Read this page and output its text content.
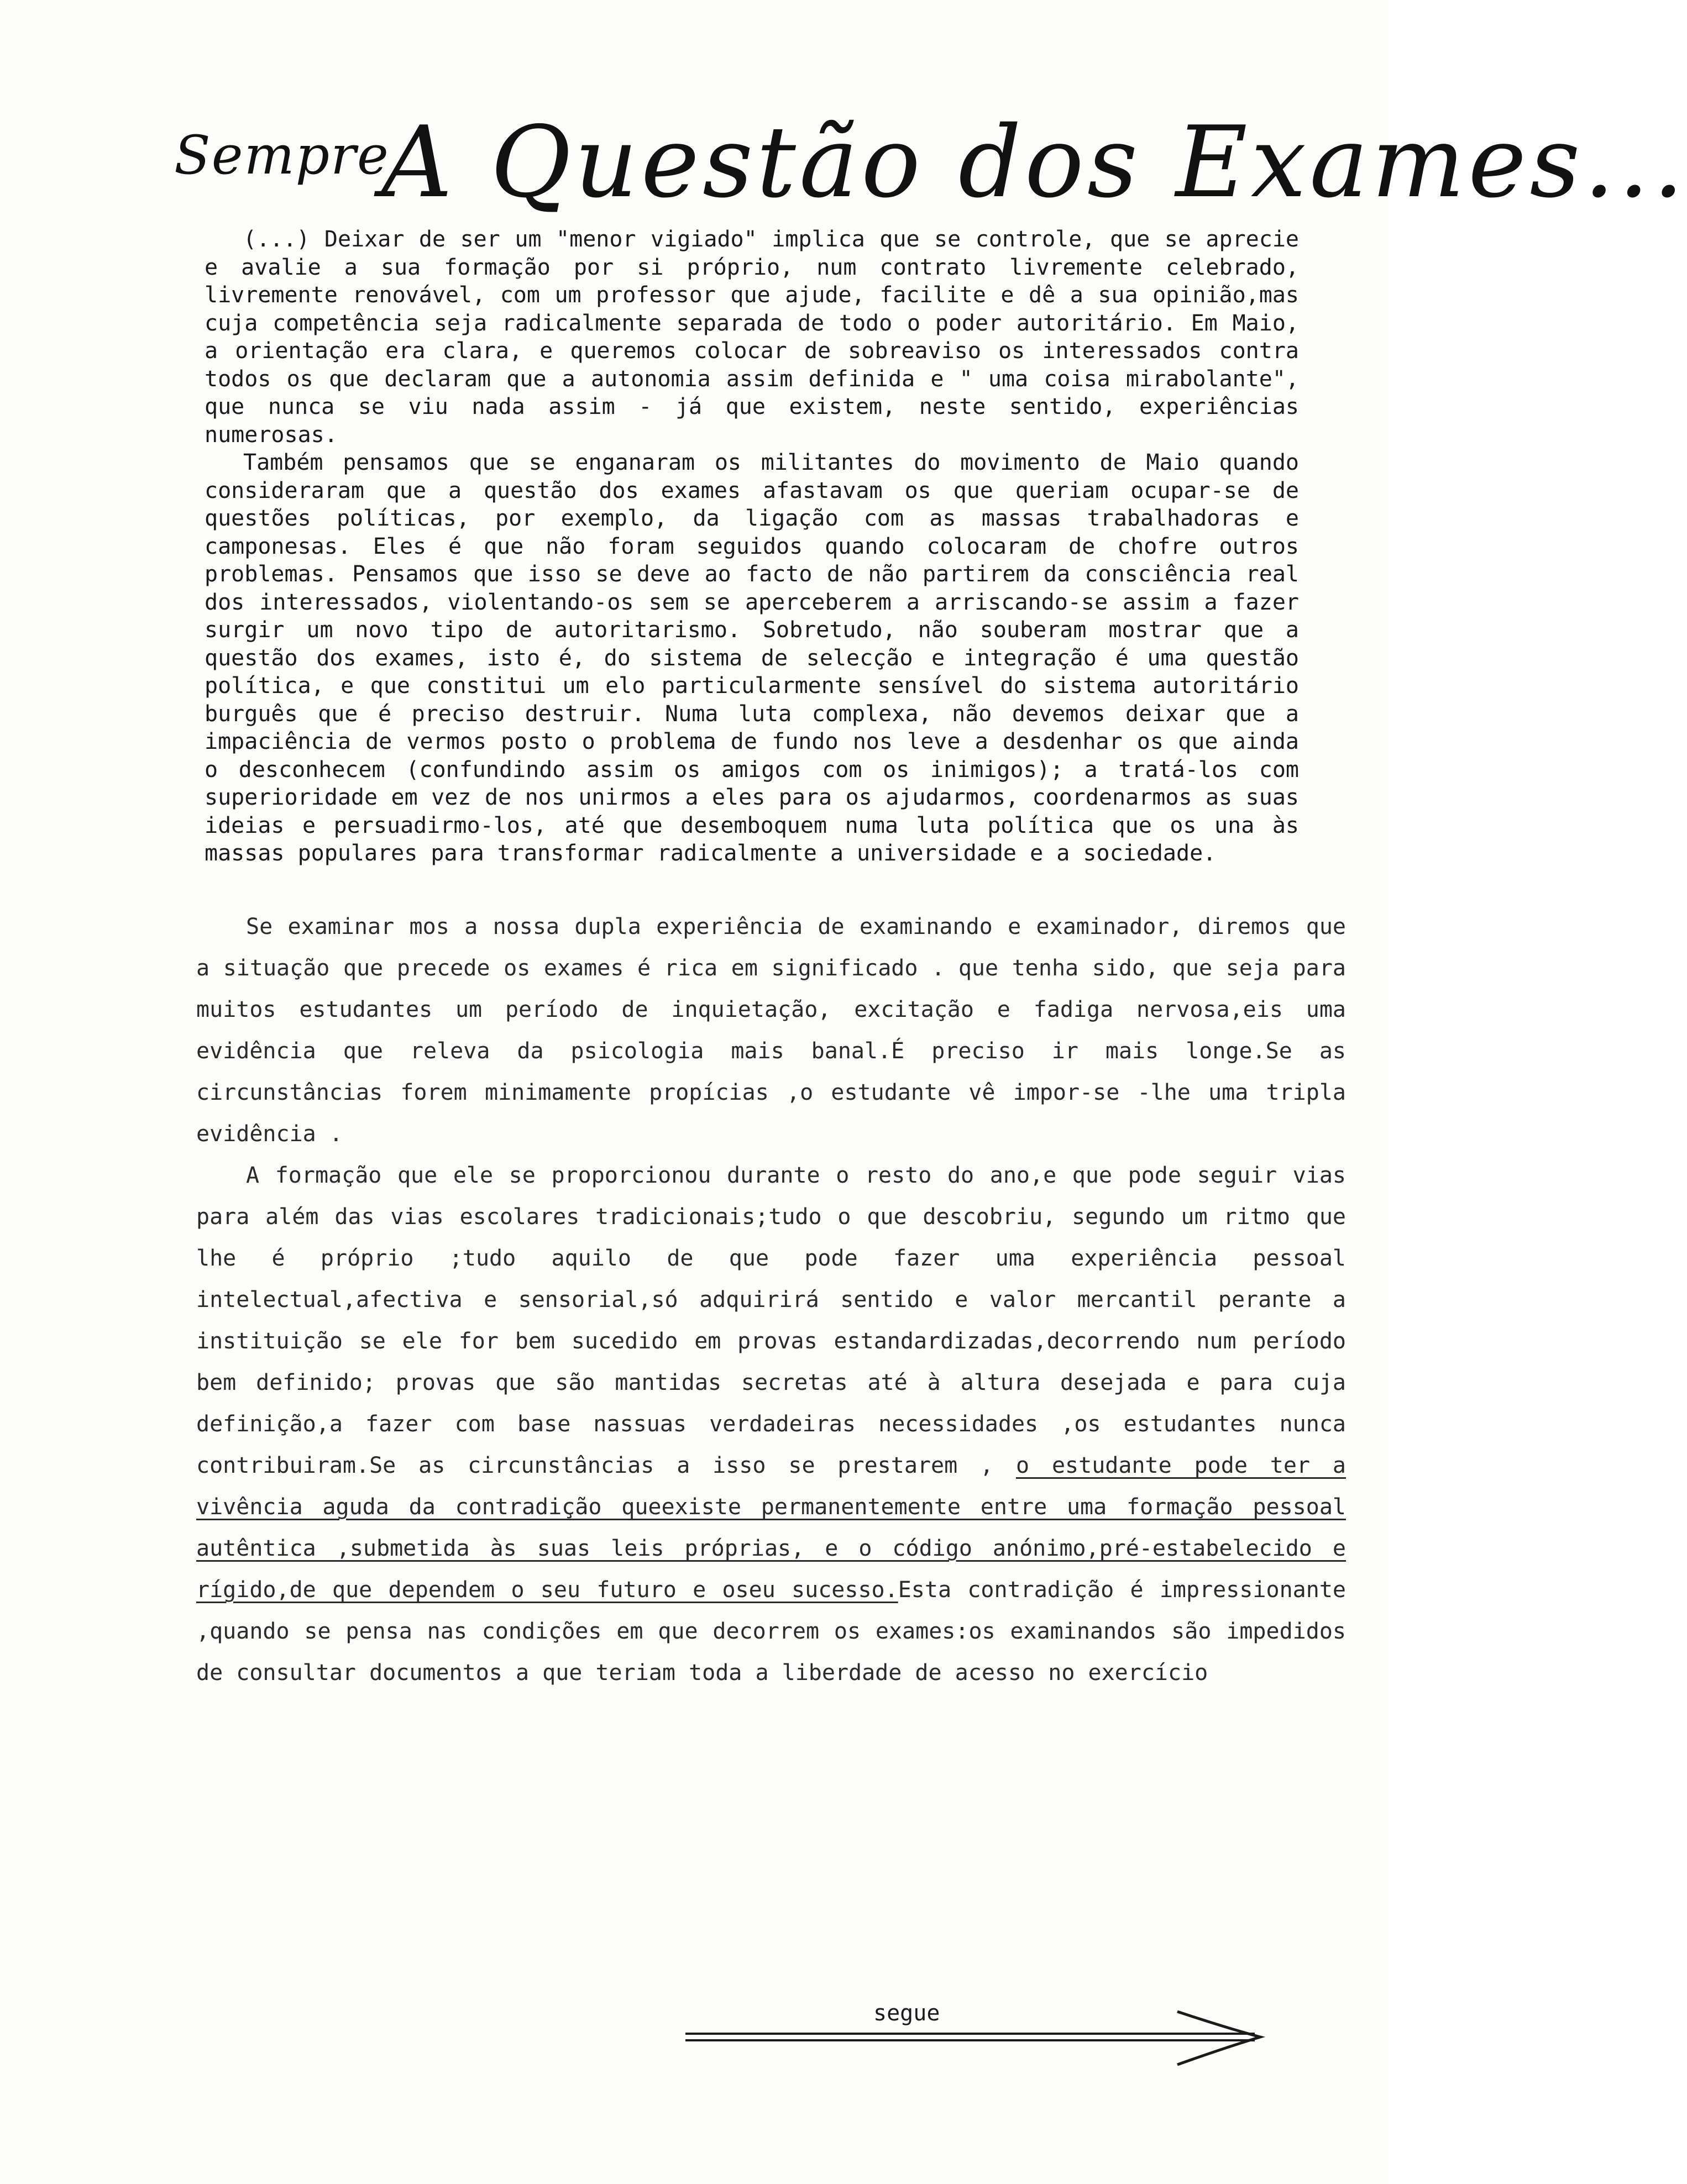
Sempre
A Questão dos Exames...

(...) Deixar de ser um "menor vigiado" implica que se controle, que se aprecie e avalie a sua formação por si próprio, num contrato livremente celebrado, livremente renovável, com um professor que ajude, facilite e dê a sua opinião,mas cuja competência seja radicalmente separada de todo o poder autoritário. Em Maio, a orientação era clara, e queremos colocar de sobreaviso os interessados contra todos os que declaram que a autonomia assim definida e " uma coisa mirabolante", que nunca se viu nada assim - já que existem, neste sentido, experiências numerosas.

Também pensamos que se enganaram os militantes do movimento de Maio quando consideraram que a questão dos exames afastavam os que queriam ocupar-se de questões políticas, por exemplo, da ligação com as massas trabalhadoras e camponesas. Eles é que não foram seguidos quando colocaram de chofre outros problemas. Pensamos que isso se deve ao facto de não partirem da consciência real dos interessados, violentando-os sem se aperceberem a arriscando-se assim a fazer surgir um novo tipo de autoritarismo. Sobretudo, não souberam mostrar que a questão dos exames, isto é, do sistema de selecção e integração é uma questão política, e que constitui um elo particularmente sensível do sistema autoritário burguês que é preciso destruir. Numa luta complexa, não devemos deixar que a impaciência de vermos posto o problema de fundo nos leve a desdenhar os que ainda o desconhecem (confundindo assim os amigos com os inimigos); a tratá-los com superioridade em vez de nos unirmos a eles para os ajudarmos, coordenarmos as suas ideias e persuadirmo-los, até que desemboquem numa luta política que os una às massas populares para transformar radicalmente a universidade e a sociedade.

Se examinar mos a nossa dupla experiência de examinando e examinador, diremos que a situação que precede os exames é rica em significado . que tenha sido, que seja para muitos estudantes um período de inquietação, excitação e fadiga nervosa,eis uma evidência que releva da psicologia mais banal.É preciso ir mais longe.Se as circunstâncias forem minimamente propícias ,o estudante vê impor-se -lhe uma tripla evidência .

A formação que ele se proporcionou durante o resto do ano,e que pode seguir vias para além das vias escolares tradicionais;tudo o que descobriu, segundo um ritmo que lhe é próprio ;tudo aquilo de que pode fazer uma experiência pessoal intelectual,afectiva e sensorial,só adquirirá sentido e valor mercantil perante a instituição se ele for bem sucedido em provas estandardizadas,decorrendo num período bem definido; provas que são mantidas secretas até à altura desejada e para cuja definição,a fazer com base nassuas verdadeiras necessidades ,os estudantes nunca contribuiram.Se as circunstâncias a isso se prestarem , o estudante pode ter a vivência aguda da contradição queexiste permanentemente entre uma formação pessoal autêntica ,submetida às suas leis próprias, e o código anónimo,pré-estabelecido e rígido,de que dependem o seu futuro e oseu sucesso.Esta contradição é impressionante ,quando se pensa nas condições em que decorrem os exames:os examinandos são impedidos de consultar documentos a que teriam toda a liberdade de acesso no exercício

segue
